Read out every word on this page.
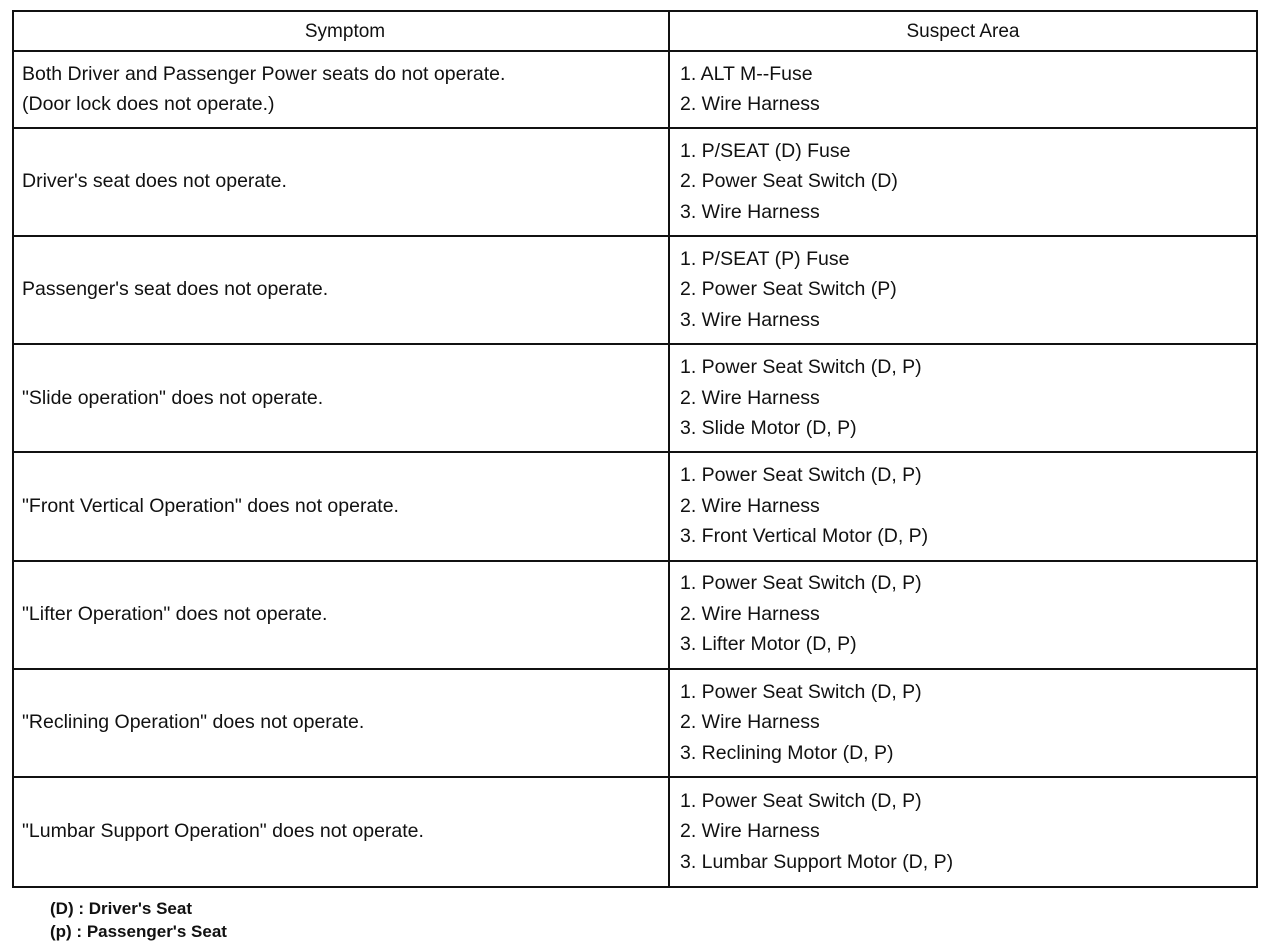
Symptom	Suspect Area
Both Driver and Passenger Power seats do not operate.
(Door lock does not operate.)
1. ALT M--Fuse
2. Wire Harness
Driver's seat does not operate.
1. P/SEAT (D) Fuse
2. Power Seat Switch (D)
3. Wire Harness
Passenger's seat does not operate.
1. P/SEAT (P) Fuse
2. Power Seat Switch (P)
3. Wire Harness
"Slide operation" does not operate.
1. Power Seat Switch (D, P)
2. Wire Harness
3. Slide Motor (D, P)
"Front Vertical Operation" does not operate.
1. Power Seat Switch (D, P)
2. Wire Harness
3. Front Vertical Motor (D, P)
"Lifter Operation" does not operate.
1. Power Seat Switch (D, P)
2. Wire Harness
3. Lifter Motor (D, P)
"Reclining Operation" does not operate.
1. Power Seat Switch (D, P)
2. Wire Harness
3. Reclining Motor (D, P)
"Lumbar Support Operation" does not operate.
1. Power Seat Switch (D, P)
2. Wire Harness
3. Lumbar Support Motor (D, P)
(D) : Driver's Seat
(p) : Passenger's Seat
